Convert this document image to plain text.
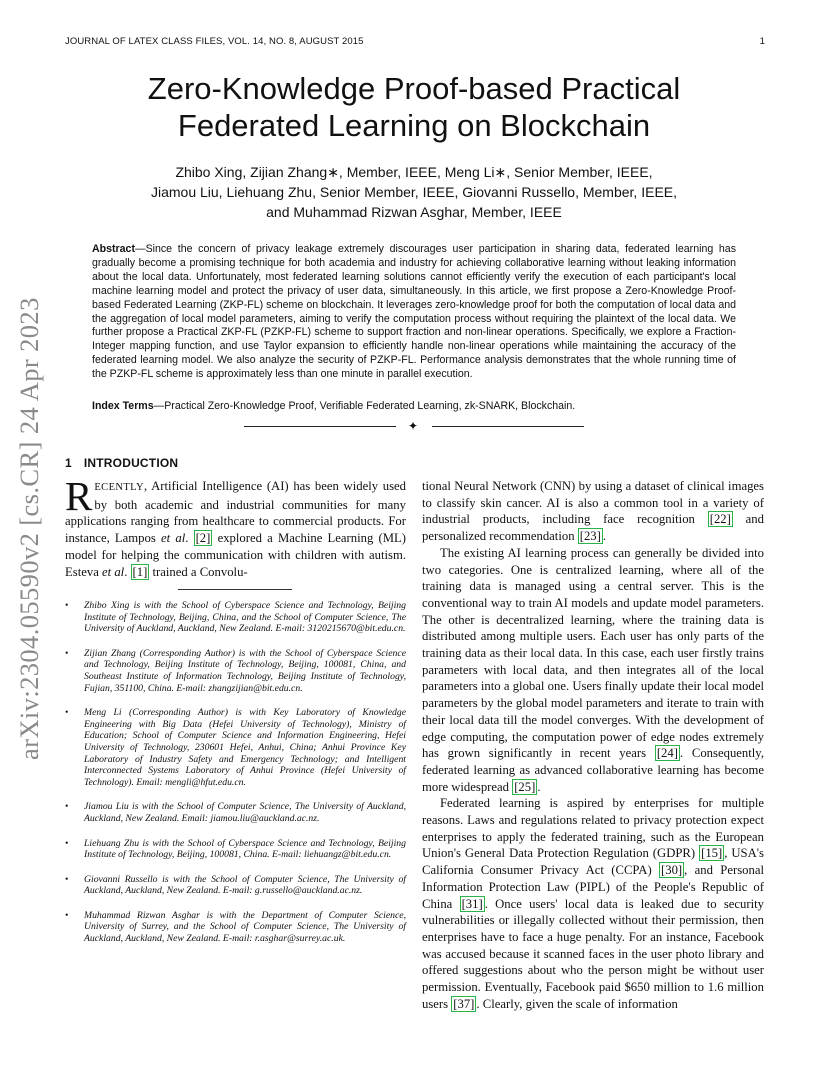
JOURNAL OF LATEX CLASS FILES, VOL. 14, NO. 8, AUGUST 2015	1
arXiv:2304.05590v2 [cs.CR] 24 Apr 2023
Zero-Knowledge Proof-based Practical
Federated Learning on Blockchain
Zhibo Xing, Zijian Zhang∗, Member, IEEE, Meng Li∗, Senior Member, IEEE,
Jiamou Liu, Liehuang Zhu, Senior Member, IEEE, Giovanni Russello, Member, IEEE,
and Muhammad Rizwan Asghar, Member, IEEE
Abstract—Since the concern of privacy leakage extremely discourages user participation in sharing data, federated learning has gradually become a promising technique for both academia and industry for achieving collaborative learning without leaking information about the local data. Unfortunately, most federated learning solutions cannot efficiently verify the execution of each participant's local machine learning model and protect the privacy of user data, simultaneously. In this article, we first propose a Zero-Knowledge Proof-based Federated Learning (ZKP-FL) scheme on blockchain. It leverages zero-knowledge proof for both the computation of local data and the aggregation of local model parameters, aiming to verify the computation process without requiring the plaintext of the local data. We further propose a Practical ZKP-FL (PZKP-FL) scheme to support fraction and non-linear operations. Specifically, we explore a Fraction-Integer mapping function, and use Taylor expansion to efficiently handle non-linear operations while maintaining the accuracy of the federated learning model. We also analyze the security of PZKP-FL. Performance analysis demonstrates that the whole running time of the PZKP-FL scheme is approximately less than one minute in parallel execution.
Index Terms—Practical Zero-Knowledge Proof, Verifiable Federated Learning, zk-SNARK, Blockchain.
✦
1 INTRODUCTION
RECENTLY, Artificial Intelligence (AI) has been widely used by both academic and industrial communities for many applications ranging from healthcare to commercial products. For instance, Lampos et al. [2] explored a Machine Learning (ML) model for helping the communication with children with autism. Esteva et al. [1] trained a Convolu-
• Zhibo Xing is with the School of Cyberspace Science and Technology, Beijing Institute of Technology, Beijing, China, and the School of Computer Science, The University of Auckland, Auckland, New Zealand. E-mail: 3120215670@bit.edu.cn.
• Zijian Zhang (Corresponding Author) is with the School of Cyberspace Science and Technology, Beijing Institute of Technology, Beijing, 100081, China, and Southeast Institute of Information Technology, Beijing Institute of Technology, Fujian, 351100, China. E-mail: zhangzijian@bit.edu.cn.
• Meng Li (Corresponding Author) is with Key Laboratory of Knowledge Engineering with Big Data (Hefei University of Technology), Ministry of Education; School of Computer Science and Information Engineering, Hefei University of Technology, 230601 Hefei, Anhui, China; Anhui Province Key Laboratory of Industry Safety and Emergency Technology; and Intelligent Interconnected Systems Laboratory of Anhui Province (Hefei University of Technology). Email: mengli@hfut.edu.cn.
• Jiamou Liu is with the School of Computer Science, The University of Auckland, Auckland, New Zealand. Email: jiamou.liu@auckland.ac.nz.
• Liehuang Zhu is with the School of Cyberspace Science and Technology, Beijing Institute of Technology, Beijing, 100081, China. E-mail: liehuangz@bit.edu.cn.
• Giovanni Russello is with the School of Computer Science, The University of Auckland, Auckland, New Zealand. E-mail: g.russello@auckland.ac.nz.
• Muhammad Rizwan Asghar is with the Department of Computer Science, University of Surrey, and the School of Computer Science, The University of Auckland, Auckland, New Zealand. E-mail: r.asghar@surrey.ac.uk.

tional Neural Network (CNN) by using a dataset of clinical images to classify skin cancer. AI is also a common tool in a variety of industrial products, including face recognition [22] and personalized recommendation [23] .

The existing AI learning process can generally be divided into two categories. One is centralized learning, where all of the training data is managed using a central server. This is the conventional way to train AI models and update model parameters. The other is decentralized learning, where the training data is distributed among multiple users. Each user has only parts of the training data as their local data. In this case, each user firstly trains parameters with local data, and then integrates all of the local parameters into a global one. Users finally update their local model parameters by the global model parameters and iterate to train with their local data till the model converges. With the development of edge computing, the computation power of edge nodes extremely has grown significantly in recent years [24] . Consequently, federated learning as advanced collaborative learning has become more widespread [25] .

Federated learning is aspired by enterprises for multiple reasons. Laws and regulations related to privacy protection expect enterprises to apply the federated training, such as the European Union's General Data Protection Regulation (GDPR) [15] , USA's California Consumer Privacy Act (CCPA) [30] , and Personal Information Protection Law (PIPL) of the People's Republic of China [31] . Once users' local data is leaked due to security vulnerabilities or illegally collected without their permission, then enterprises have to face a huge penalty. For an instance, Facebook was accused because it scanned faces in the user photo library and offered suggestions about who the person might be without user permission. Eventually, Facebook paid $650 million to 1.6 million users [37] . Clearly, given the scale of information
